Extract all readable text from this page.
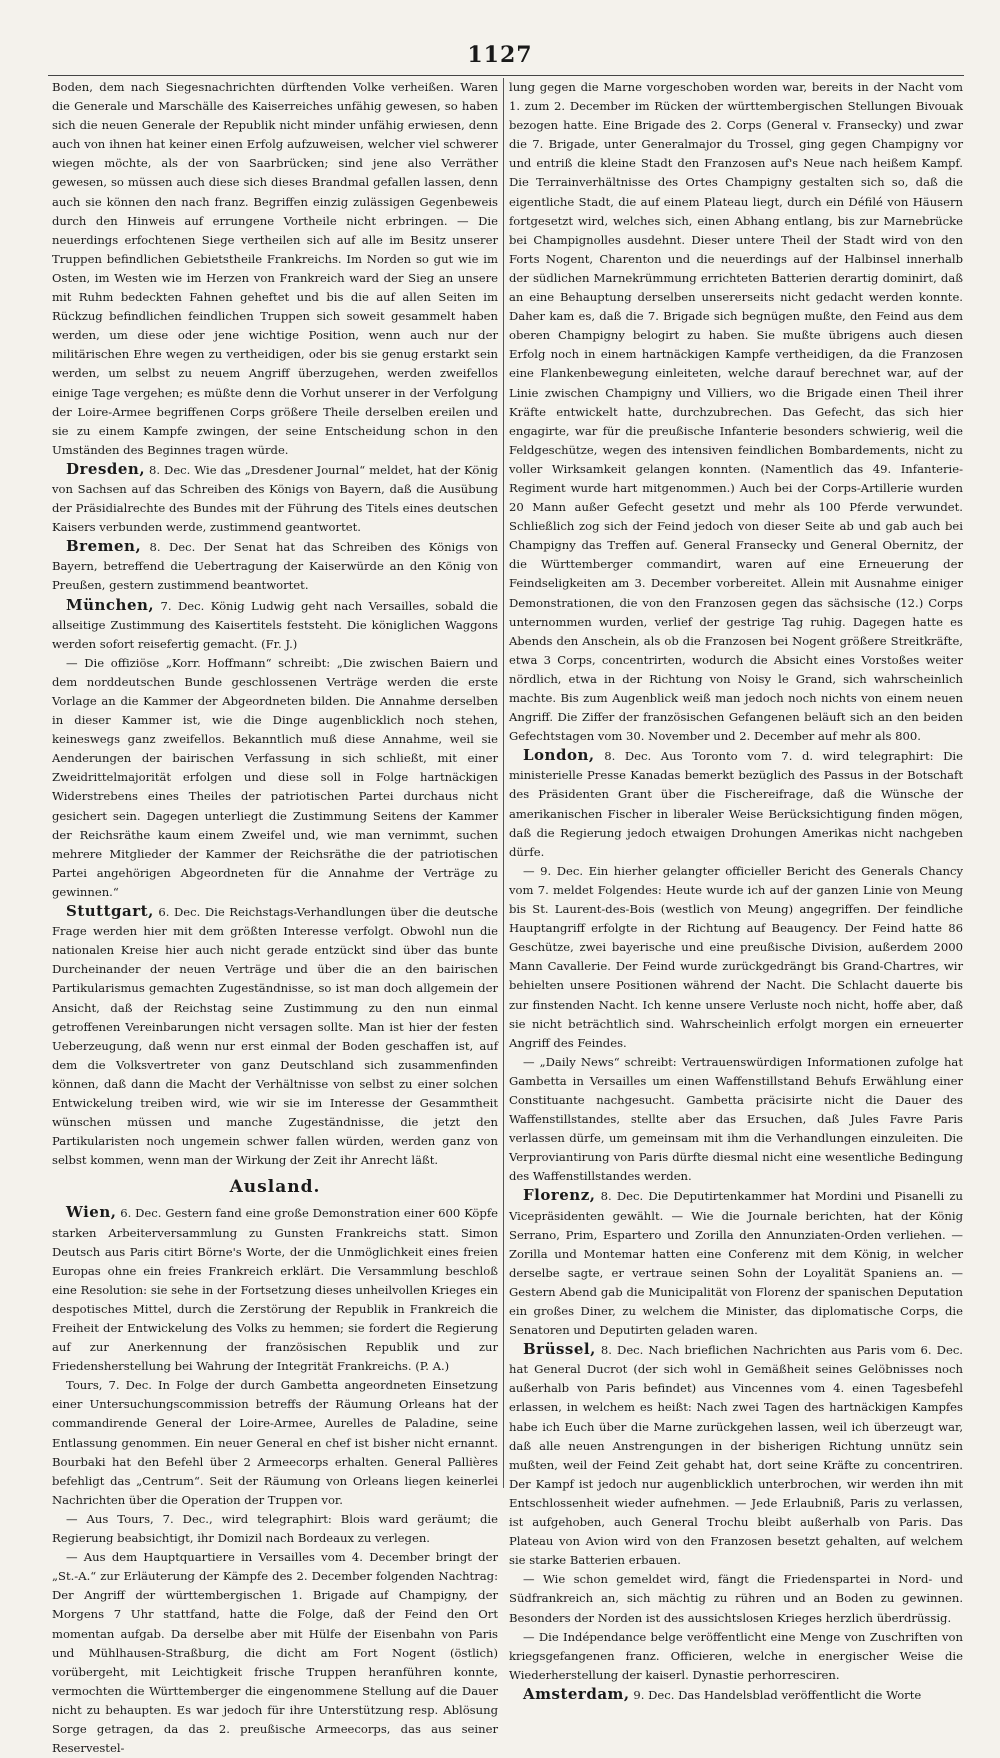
1127

Boden, dem nach Siegesnachrichten dürftenden Volke verheißen. Waren die Generale und Marschälle des Kaiserreiches unfähig gewesen, so haben sich die neuen Generale der Republik nicht minder unfähig erwiesen, denn auch von ihnen hat keiner einen Erfolg aufzuweisen, welcher viel schwerer wiegen möchte, als der von Saarbrücken; sind jene also Verräther gewesen, so müssen auch diese sich dieses Brandmal gefallen lassen, denn auch sie können den nach franz. Begriffen einzig zulässigen Gegenbeweis durch den Hinweis auf errungene Vortheile nicht erbringen. — Die neuerdings erfochtenen Siege vertheilen sich auf alle im Besitz unserer Truppen befindlichen Gebietstheile Frankreichs. Im Norden so gut wie im Osten, im Westen wie im Herzen von Frankreich ward der Sieg an unsere mit Ruhm bedeckten Fahnen geheftet und bis die auf allen Seiten im Rückzug befindlichen feindlichen Truppen sich soweit gesammelt haben werden, um diese oder jene wichtige Position, wenn auch nur der militärischen Ehre wegen zu vertheidigen, oder bis sie genug erstarkt sein werden, um selbst zu neuem Angriff überzugehen, werden zweifellos einige Tage vergehen; es müßte denn die Vorhut unserer in der Verfolgung der Loire-Armee begriffenen Corps größere Theile derselben ereilen und sie zu einem Kampfe zwingen, der seine Entscheidung schon in den Umständen des Beginnes tragen würde.

Dresden, 8. Dec. Wie das „Dresdener Journal“ meldet, hat der König von Sachsen auf das Schreiben des Königs von Bayern, daß die Ausübung der Präsidialrechte des Bundes mit der Führung des Titels eines deutschen Kaisers verbunden werde, zustimmend geantwortet.

Bremen, 8. Dec. Der Senat hat das Schreiben des Königs von Bayern, betreffend die Uebertragung der Kaiserwürde an den König von Preußen, gestern zustimmend beantwortet.

München, 7. Dec. König Ludwig geht nach Versailles, sobald die allseitige Zustimmung des Kaisertitels feststeht. Die königlichen Waggons werden sofort reisefertig gemacht. (Fr. J.)

— Die offiziöse „Korr. Hoffmann“ schreibt: „Die zwischen Baiern und dem norddeutschen Bunde geschlossenen Verträge werden die erste Vorlage an die Kammer der Abgeordneten bilden. Die Annahme derselben in dieser Kammer ist, wie die Dinge augenblicklich noch stehen, keineswegs ganz zweifellos. Bekanntlich muß diese Annahme, weil sie Aenderungen der bairischen Verfassung in sich schließt, mit einer Zweidrittelmajorität erfolgen und diese soll in Folge hartnäckigen Widerstrebens eines Theiles der patriotischen Partei durchaus nicht gesichert sein. Dagegen unterliegt die Zustimmung Seitens der Kammer der Reichsräthe kaum einem Zweifel und, wie man vernimmt, suchen mehrere Mitglieder der Kammer der Reichsräthe die der patriotischen Partei angehörigen Abgeordneten für die Annahme der Verträge zu gewinnen.“

Stuttgart, 6. Dec. Die Reichstags-Verhandlungen über die deutsche Frage werden hier mit dem größten Interesse verfolgt. Obwohl nun die nationalen Kreise hier auch nicht gerade entzückt sind über das bunte Durcheinander der neuen Verträge und über die an den bairischen Partikularismus gemachten Zugeständnisse, so ist man doch allgemein der Ansicht, daß der Reichstag seine Zustimmung zu den nun einmal getroffenen Vereinbarungen nicht versagen sollte. Man ist hier der festen Ueberzeugung, daß wenn nur erst einmal der Boden geschaffen ist, auf dem die Volksvertreter von ganz Deutschland sich zusammenfinden können, daß dann die Macht der Verhältnisse von selbst zu einer solchen Entwickelung treiben wird, wie wir sie im Interesse der Gesammtheit wünschen müssen und manche Zugeständnisse, die jetzt den Partikularisten noch ungemein schwer fallen würden, werden ganz von selbst kommen, wenn man der Wirkung der Zeit ihr Anrecht läßt.

Ausland.

Wien, 6. Dec. Gestern fand eine große Demonstration einer 600 Köpfe starken Arbeiterversammlung zu Gunsten Frankreichs statt. Simon Deutsch aus Paris citirt Börne's Worte, der die Unmöglichkeit eines freien Europas ohne ein freies Frankreich erklärt. Die Versammlung beschloß eine Resolution: sie sehe in der Fortsetzung dieses unheilvollen Krieges ein despotisches Mittel, durch die Zerstörung der Republik in Frankreich die Freiheit der Entwickelung des Volks zu hemmen; sie fordert die Regierung auf zur Anerkennung der französischen Republik und zur Friedensherstellung bei Wahrung der Integrität Frankreichs. (P. A.)

Tours, 7. Dec. In Folge der durch Gambetta angeordneten Einsetzung einer Untersuchungscommission betreffs der Räumung Orleans hat der commandirende General der Loire-Armee, Aurelles de Paladine, seine Entlassung genommen. Ein neuer General en chef ist bisher nicht ernannt. Bourbaki hat den Befehl über 2 Armeecorps erhalten. General Pallières befehligt das „Centrum“. Seit der Räumung von Orleans liegen keinerlei Nachrichten über die Operation der Truppen vor.

— Aus Tours, 7. Dec., wird telegraphirt: Blois ward geräumt; die Regierung beabsichtigt, ihr Domizil nach Bordeaux zu verlegen.

— Aus dem Hauptquartiere in Versailles vom 4. December bringt der „St.-A.“ zur Erläuterung der Kämpfe des 2. December folgenden Nachtrag: Der Angriff der württembergischen 1. Brigade auf Champigny, der Morgens 7 Uhr stattfand, hatte die Folge, daß der Feind den Ort momentan aufgab. Da derselbe aber mit Hülfe der Eisenbahn von Paris und Mühlhausen-Straßburg, die dicht am Fort Nogent (östlich) vorübergeht, mit Leichtigkeit frische Truppen heranführen konnte, vermochten die Württemberger die eingenommene Stellung auf die Dauer nicht zu behaupten. Es war jedoch für ihre Unterstützung resp. Ablösung Sorge getragen, da das 2. preußische Armeecorps, das aus seiner Reservestel-

lung gegen die Marne vorgeschoben worden war, bereits in der Nacht vom 1. zum 2. December im Rücken der württembergischen Stellungen Bivouak bezogen hatte. Eine Brigade des 2. Corps (General v. Fransecky) und zwar die 7. Brigade, unter Generalmajor du Trossel, ging gegen Champigny vor und entriß die kleine Stadt den Franzosen auf's Neue nach heißem Kampf. Die Terrainverhältnisse des Ortes Champigny gestalten sich so, daß die eigentliche Stadt, die auf einem Plateau liegt, durch ein Défilé von Häusern fortgesetzt wird, welches sich, einen Abhang entlang, bis zur Marnebrücke bei Champignolles ausdehnt. Dieser untere Theil der Stadt wird von den Forts Nogent, Charenton und die neuerdings auf der Halbinsel innerhalb der südlichen Marnekrümmung errichteten Batterien derartig dominirt, daß an eine Behauptung derselben unsererseits nicht gedacht werden konnte. Daher kam es, daß die 7. Brigade sich begnügen mußte, den Feind aus dem oberen Champigny belogirt zu haben. Sie mußte übrigens auch diesen Erfolg noch in einem hartnäckigen Kampfe vertheidigen, da die Franzosen eine Flankenbewegung einleiteten, welche darauf berechnet war, auf der Linie zwischen Champigny und Villiers, wo die Brigade einen Theil ihrer Kräfte entwickelt hatte, durchzubrechen. Das Gefecht, das sich hier engagirte, war für die preußische Infanterie besonders schwierig, weil die Feldgeschütze, wegen des intensiven feindlichen Bombardements, nicht zu voller Wirksamkeit gelangen konnten. (Namentlich das 49. Infanterie-Regiment wurde hart mitgenommen.) Auch bei der Corps-Artillerie wurden 20 Mann außer Gefecht gesetzt und mehr als 100 Pferde verwundet. Schließlich zog sich der Feind jedoch von dieser Seite ab und gab auch bei Champigny das Treffen auf. General Fransecky und General Obernitz, der die Württemberger commandirt, waren auf eine Erneuerung der Feindseligkeiten am 3. December vorbereitet. Allein mit Ausnahme einiger Demonstrationen, die von den Franzosen gegen das sächsische (12.) Corps unternommen wurden, verlief der gestrige Tag ruhig. Dagegen hatte es Abends den Anschein, als ob die Franzosen bei Nogent größere Streitkräfte, etwa 3 Corps, concentrirten, wodurch die Absicht eines Vorstoßes weiter nördlich, etwa in der Richtung von Noisy le Grand, sich wahrscheinlich machte. Bis zum Augenblick weiß man jedoch noch nichts von einem neuen Angriff. Die Ziffer der französischen Gefangenen beläuft sich an den beiden Gefechtstagen vom 30. November und 2. December auf mehr als 800.

London, 8. Dec. Aus Toronto vom 7. d. wird telegraphirt: Die ministerielle Presse Kanadas bemerkt bezüglich des Passus in der Botschaft des Präsidenten Grant über die Fischereifrage, daß die Wünsche der amerikanischen Fischer in liberaler Weise Berücksichtigung finden mögen, daß die Regierung jedoch etwaigen Drohungen Amerikas nicht nachgeben dürfe.

— 9. Dec. Ein hierher gelangter officieller Bericht des Generals Chancy vom 7. meldet Folgendes: Heute wurde ich auf der ganzen Linie von Meung bis St. Laurent-des-Bois (westlich von Meung) angegriffen. Der feindliche Hauptangriff erfolgte in der Richtung auf Beaugency. Der Feind hatte 86 Geschütze, zwei bayerische und eine preußische Division, außerdem 2000 Mann Cavallerie. Der Feind wurde zurückgedrängt bis Grand-Chartres, wir behielten unsere Positionen während der Nacht. Die Schlacht dauerte bis zur finstenden Nacht. Ich kenne unsere Verluste noch nicht, hoffe aber, daß sie nicht beträchtlich sind. Wahrscheinlich erfolgt morgen ein erneuerter Angriff des Feindes.

— „Daily News“ schreibt: Vertrauenswürdigen Informationen zufolge hat Gambetta in Versailles um einen Waffenstillstand Behufs Erwählung einer Constituante nachgesucht. Gambetta präcisirte nicht die Dauer des Waffenstillstandes, stellte aber das Ersuchen, daß Jules Favre Paris verlassen dürfe, um gemeinsam mit ihm die Verhandlungen einzuleiten. Die Verproviantirung von Paris dürfte diesmal nicht eine wesentliche Bedingung des Waffenstillstandes werden.

Florenz, 8. Dec. Die Deputirtenkammer hat Mordini und Pisanelli zu Vicepräsidenten gewählt. — Wie die Journale berichten, hat der König Serrano, Prim, Espartero und Zorilla den Annunziaten-Orden verliehen. — Zorilla und Montemar hatten eine Conferenz mit dem König, in welcher derselbe sagte, er vertraue seinen Sohn der Loyalität Spaniens an. — Gestern Abend gab die Municipalität von Florenz der spanischen Deputation ein großes Diner, zu welchem die Minister, das diplomatische Corps, die Senatoren und Deputirten geladen waren.

Brüssel, 8. Dec. Nach brieflichen Nachrichten aus Paris vom 6. Dec. hat General Ducrot (der sich wohl in Gemäßheit seines Gelöbnisses noch außerhalb von Paris befindet) aus Vincennes vom 4. einen Tagesbefehl erlassen, in welchem es heißt: Nach zwei Tagen des hartnäckigen Kampfes habe ich Euch über die Marne zurückgehen lassen, weil ich überzeugt war, daß alle neuen Anstrengungen in der bisherigen Richtung unnütz sein mußten, weil der Feind Zeit gehabt hat, dort seine Kräfte zu concentriren. Der Kampf ist jedoch nur augenblicklich unterbrochen, wir werden ihn mit Entschlossenheit wieder aufnehmen. — Jede Erlaubniß, Paris zu verlassen, ist aufgehoben, auch General Trochu bleibt außerhalb von Paris. Das Plateau von Avion wird von den Franzosen besetzt gehalten, auf welchem sie starke Batterien erbauen.

— Wie schon gemeldet wird, fängt die Friedenspartei in Nord- und Südfrankreich an, sich mächtig zu rühren und an Boden zu gewinnen. Besonders der Norden ist des aussichtslosen Krieges herzlich überdrüssig.

— Die Indépendance belge veröffentlicht eine Menge von Zuschriften von kriegsgefangenen franz. Officieren, welche in energischer Weise die Wiederherstellung der kaiserl. Dynastie perhorresciren.

Amsterdam, 9. Dec. Das Handelsblad veröffentlicht die Worte
